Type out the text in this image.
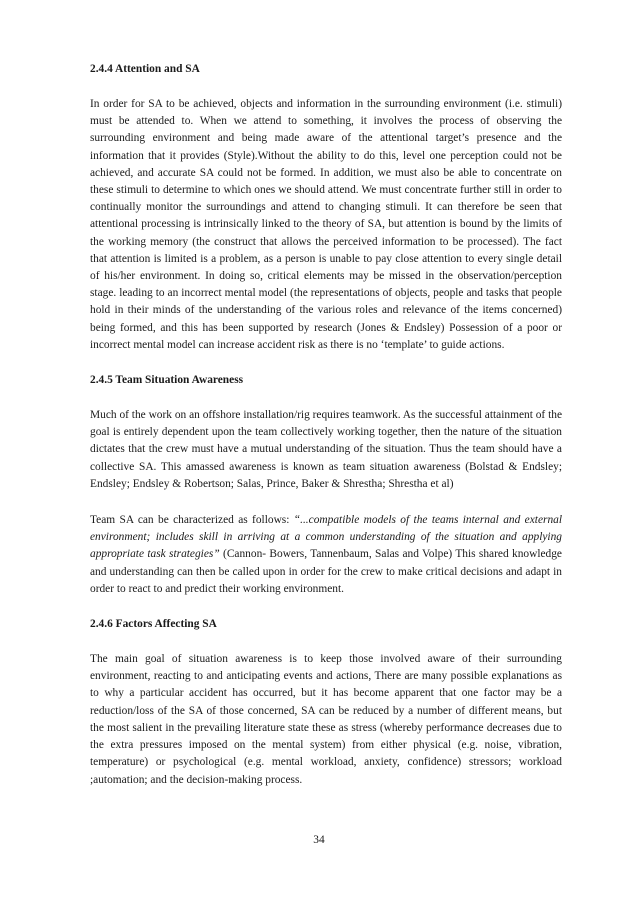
2.4.4 Attention and SA

In order for SA to be achieved, objects and information in the surrounding environment (i.e. stimuli) must be attended to. When we attend to something, it involves the process of observing the surrounding environment and being made aware of the attentional target’s presence and the information that it provides (Style).Without the ability to do this, level one perception could not be achieved, and accurate SA could not be formed. In addition, we must also be able to concentrate on these stimuli to determine to which ones we should attend. We must concentrate further still in order to continually monitor the surroundings and attend to changing stimuli. It can therefore be seen that attentional processing is intrinsically linked to the theory of SA, but attention is bound by the limits of the working memory (the construct that allows the perceived information to be processed). The fact that attention is limited is a problem, as a person is unable to pay close attention to every single detail of his/her environment. In doing so, critical elements may be missed in the observation/perception stage. leading to an incorrect mental model (the representations of objects, people and tasks that people hold in their minds of the understanding of the various roles and relevance of the items concerned) being formed, and this has been supported by research (Jones & Endsley) Possession of a poor or incorrect mental model can increase accident risk as there is no ‘template’ to guide actions.

2.4.5 Team Situation Awareness

Much of the work on an offshore installation/rig requires teamwork. As the successful attainment of the goal is entirely dependent upon the team collectively working together, then the nature of the situation dictates that the crew must have a mutual understanding of the situation. Thus the team should have a collective SA. This amassed awareness is known as team situation awareness (Bolstad & Endsley; Endsley; Endsley & Robertson; Salas, Prince, Baker & Shrestha; Shrestha et al)

Team SA can be characterized as follows: “...compatible models of the teams internal and external environment; includes skill in arriving at a common understanding of the situation and applying appropriate task strategies” (Cannon- Bowers, Tannenbaum, Salas and Volpe) This shared knowledge and understanding can then be called upon in order for the crew to make critical decisions and adapt in order to react to and predict their working environment.

2.4.6 Factors Affecting SA

The main goal of situation awareness is to keep those involved aware of their surrounding environment, reacting to and anticipating events and actions, There are many possible explanations as to why a particular accident has occurred, but it has become apparent that one factor may be a reduction/loss of the SA of those concerned, SA can be reduced by a number of different means, but the most salient in the prevailing literature state these as stress (whereby performance decreases due to the extra pressures imposed on the mental system) from either physical (e.g. noise, vibration, temperature) or psychological (e.g. mental workload, anxiety, confidence) stressors; workload ;automation; and the decision-making process.

34
